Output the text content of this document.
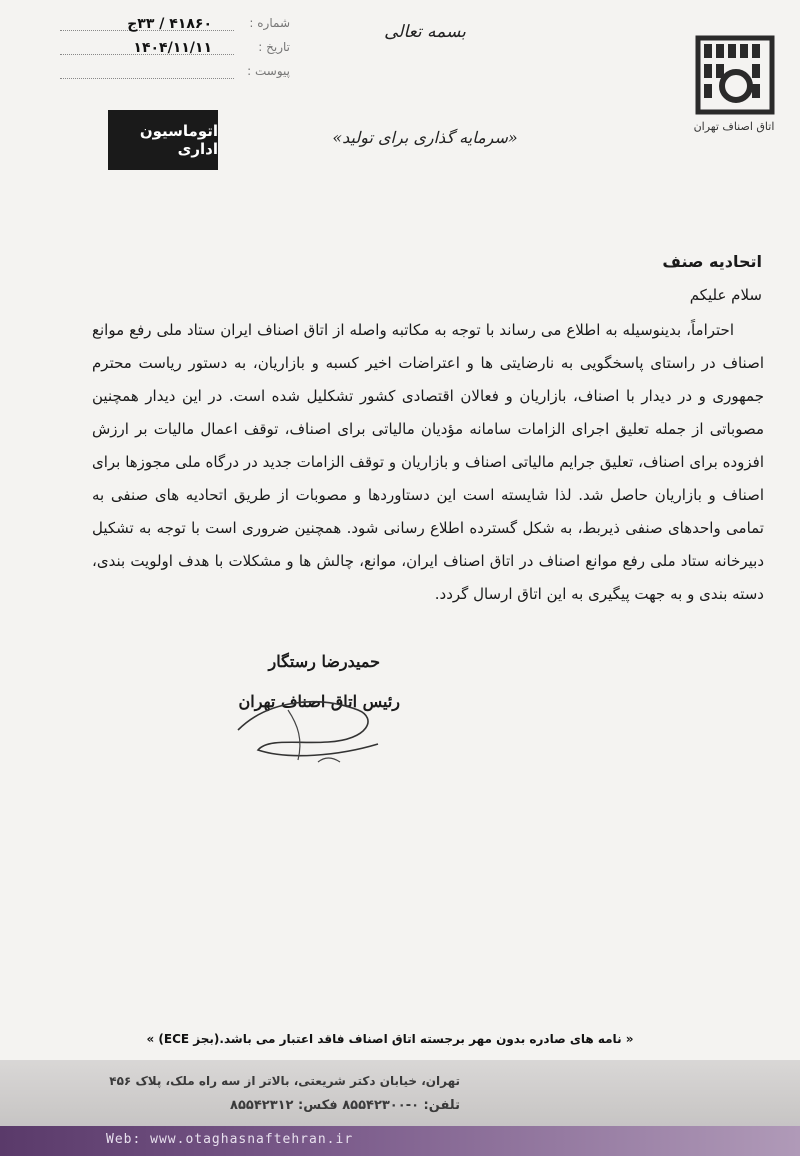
اتاق اصناف تهران
بسمه تعالی
«سرمایه گذاری برای تولید»
شماره :
۴۱۸۶۰ / ۳۳ج
تاریخ :
۱۴۰۴/۱۱/۱۱
پیوست :
اتوماسیون اداری
اتحادیه صنف
سلام علیکم

احتراماً، بدینوسیله به اطلاع می رساند با توجه به مکاتبه واصله از اتاق اصناف ایران ستاد ملی رفع موانع اصناف در راستای پاسخگویی به نارضایتی ها و اعتراضات اخیر کسبه و بازاریان، به دستور ریاست محترم جمهوری و در دیدار با اصناف، بازاریان و فعالان اقتصادی کشور تشکلیل شده است. در این دیدار همچنین مصوباتی از جمله تعلیق اجرای الزامات سامانه مؤدیان مالیاتی برای اصناف، توقف اعمال مالیات بر ارزش افزوده برای اصناف، تعلیق جرایم مالیاتی اصناف و بازاریان و توقف الزامات جدید در درگاه ملی مجوزها برای اصناف و بازاریان حاصل شد. لذا شایسته است این دستاوردها و مصوبات از طریق اتحادیه های صنفی به تمامی واحدهای صنفی ذیربط، به شکل گسترده اطلاع رسانی شود. همچنین ضروری است با توجه به تشکیل دبیرخانه ستاد ملی رفع موانع اصناف در اتاق اصناف ایران، موانع، چالش ها و مشکلات با هدف اولویت بندی، دسته بندی و به جهت پیگیری به این اتاق ارسال گردد.

حمیدرضا رستگار
رئیس اتاق اصناف تهران
« نامه های صادره بدون مهر برجسته اتاق اصناف فاقد اعتبار می باشد.(بجز ECE) »
تهران، خیابان دکتر شریعتی، بالاتر از سه راه ملک، پلاک ۴۵۶
تلفن: ۰-۸۵۵۴۲۳۰۰ فکس: ۸۵۵۴۲۳۱۲
Web: www.otaghasnaftehran.ir
